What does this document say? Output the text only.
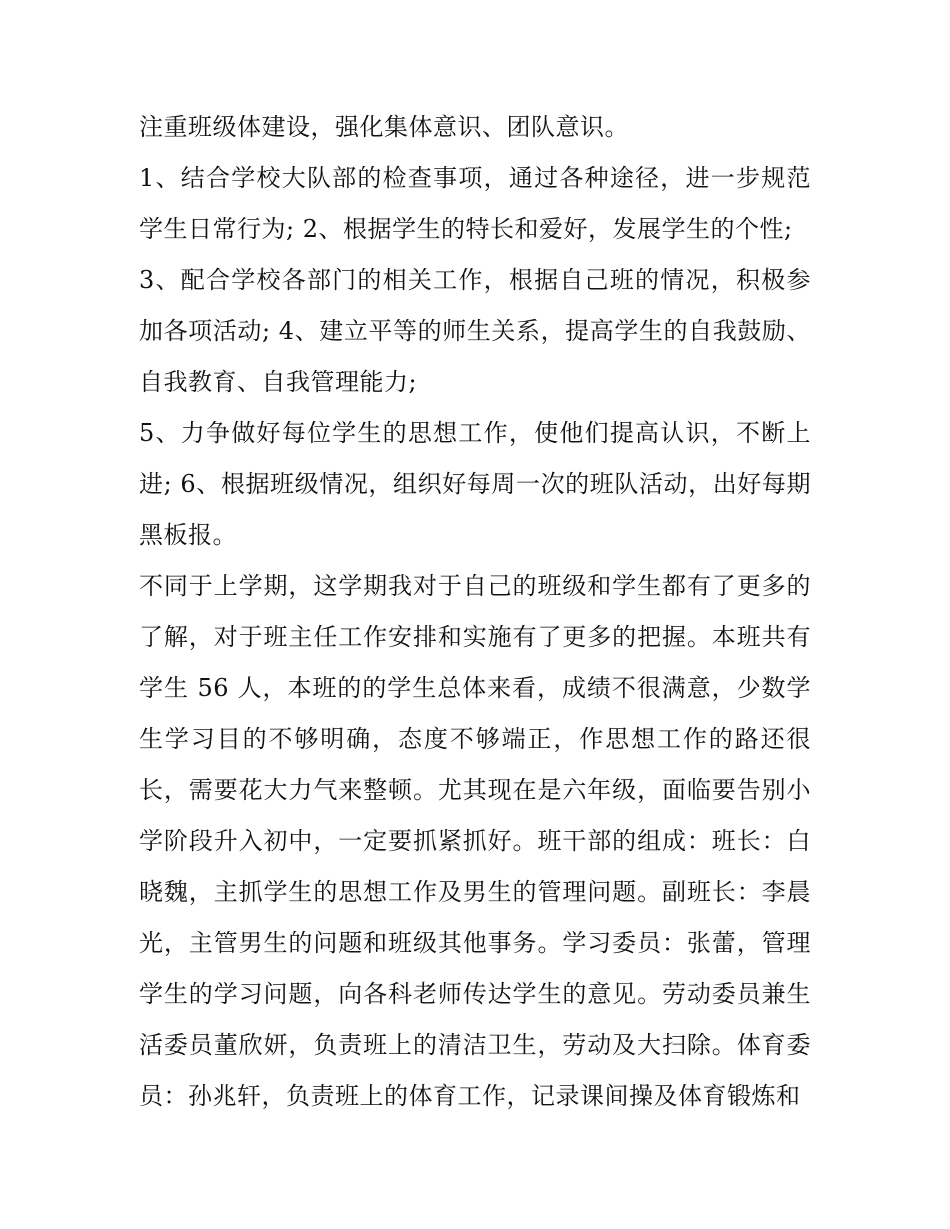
注重班级体建设，强化集体意识、团队意识。

1、结合学校大队部的检查事项，通过各种途径，进一步规范学生日常行为; 2、根据学生的特长和爱好，发展学生的个性;

3、配合学校各部门的相关工作，根据自己班的情况，积极参加各项活动; 4、建立平等的师生关系，提高学生的自我鼓励、自我教育、自我管理能力;

5、力争做好每位学生的思想工作，使他们提高认识，不断上进; 6、根据班级情况，组织好每周一次的班队活动，出好每期黑板报。

不同于上学期，这学期我对于自己的班级和学生都有了更多的了解，对于班主任工作安排和实施有了更多的把握。本班共有学生 56 人，本班的的学生总体来看，成绩不很满意，少数学生学习目的不够明确，态度不够端正，作思想工作的路还很长，需要花大力气来整顿。尤其现在是六年级，面临要告别小学阶段升入初中，一定要抓紧抓好。班干部的组成：班长：白晓魏，主抓学生的思想工作及男生的管理问题。副班长：李晨光，主管男生的问题和班级其他事务。学习委员：张蕾，管理学生的学习问题，向各科老师传达学生的意见。劳动委员兼生活委员董欣妍，负责班上的清洁卫生，劳动及大扫除。体育委员：孙兆轩，负责班上的体育工作，记录课间操及体育锻炼和
